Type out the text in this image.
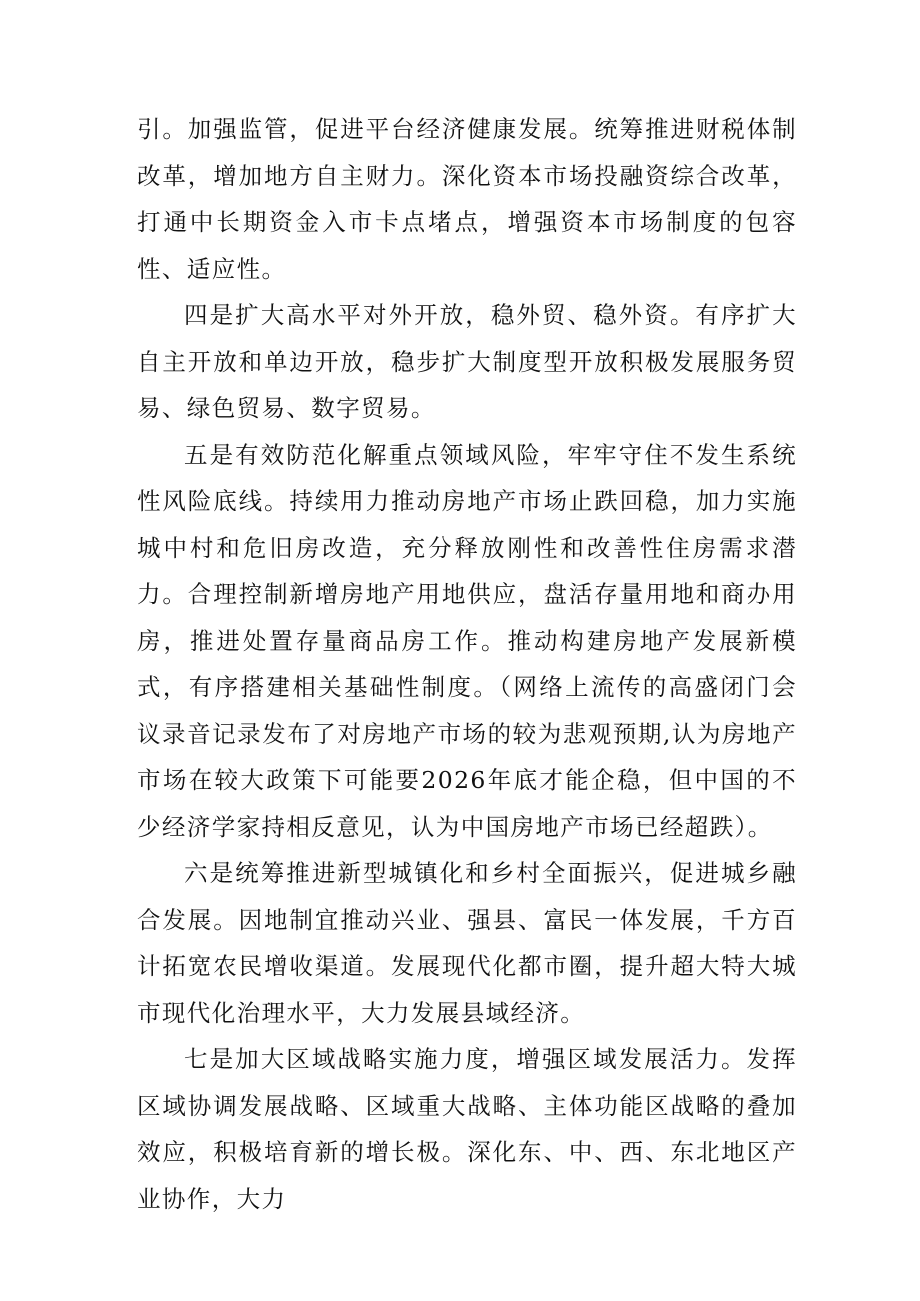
引。加强监管，促进平台经济健康发展。统筹推进财税体制改革，增加地方自主财力。深化资本市场投融资综合改革，打通中长期资金入市卡点堵点，增强资本市场制度的包容性、适应性。

四是扩大高水平对外开放，稳外贸、稳外资。有序扩大自主开放和单边开放，稳步扩大制度型开放积极发展服务贸易、绿色贸易、数字贸易。

五是有效防范化解重点领域风险，牢牢守住不发生系统性风险底线。持续用力推动房地产市场止跌回稳，加力实施城中村和危旧房改造，充分释放刚性和改善性住房需求潜力。合理控制新增房地产用地供应，盘活存量用地和商办用房，推进处置存量商品房工作。推动构建房地产发展新模式，有序搭建相关基础性制度。（网络上流传的高盛闭门会议录音记录发布了对房地产市场的较为悲观预期,认为房地产市场在较大政策下可能要2026年底才能企稳，但中国的不少经济学家持相反意见，认为中国房地产市场已经超跌）。

六是统筹推进新型城镇化和乡村全面振兴，促进城乡融合发展。因地制宜推动兴业、强县、富民一体发展，千方百计拓宽农民增收渠道。发展现代化都市圈，提升超大特大城市现代化治理水平，大力发展县域经济。

七是加大区域战略实施力度，增强区域发展活力。发挥区域协调发展战略、区域重大战略、主体功能区战略的叠加效应，积极培育新的增长极。深化东、中、西、东北地区产业协作，大力
